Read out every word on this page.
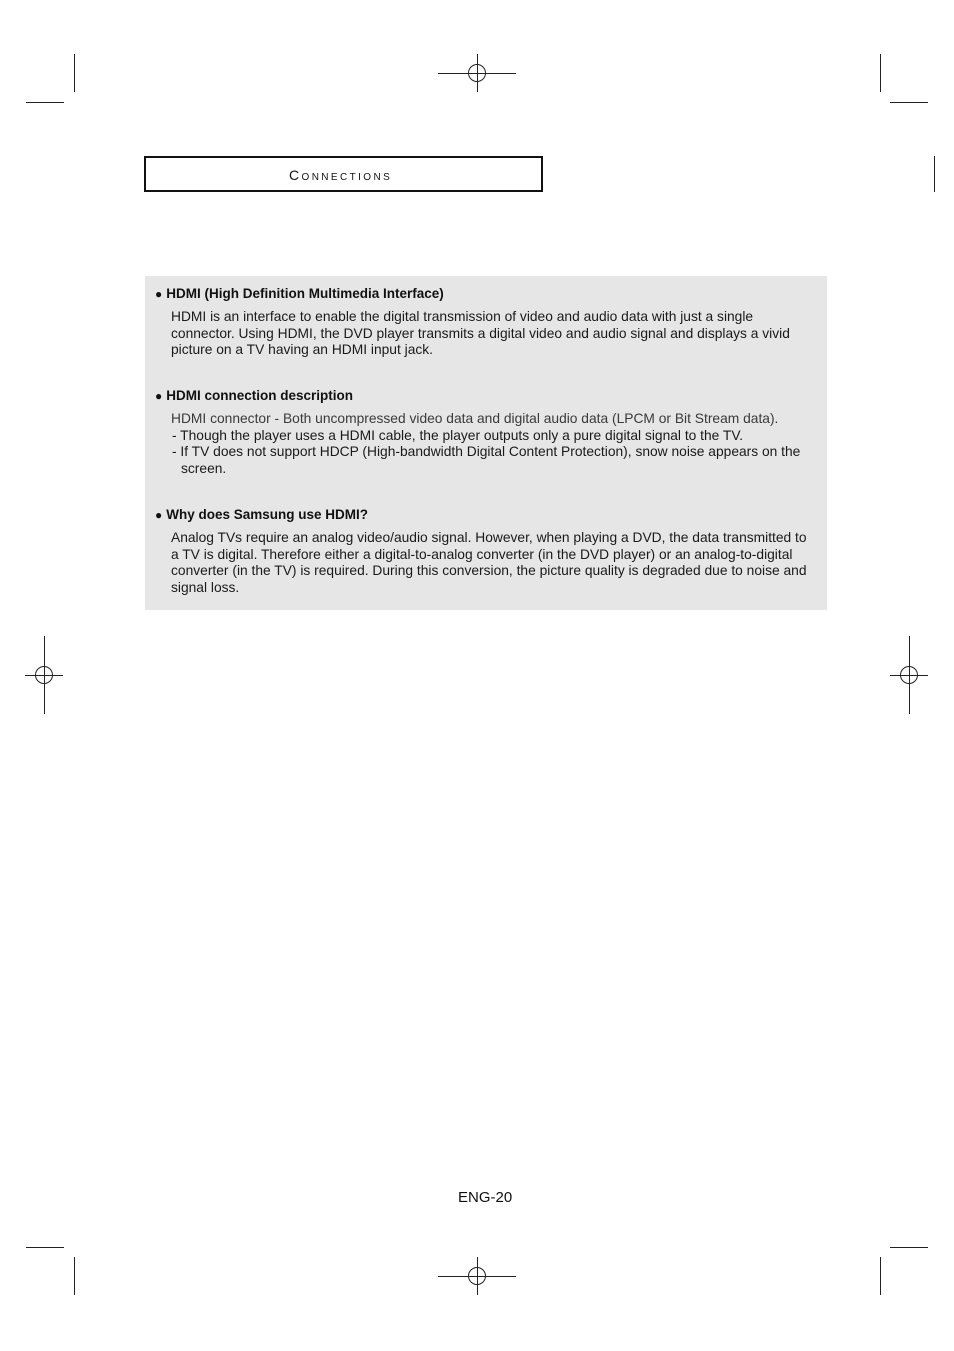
Connections
● HDMI (High Definition Multimedia Interface)
HDMI is an interface to enable the digital transmission of video and audio data with just a single connector. Using HDMI, the DVD player transmits a digital video and audio signal and displays a vivid picture on a TV having an HDMI input jack.
● HDMI connection description
HDMI connector - Both uncompressed video data and digital audio data (LPCM or Bit Stream data).
- Though the player uses a HDMI cable, the player outputs only a pure digital signal to the TV.
- If TV does not support HDCP (High-bandwidth Digital Content Protection), snow noise appears on the screen.
● Why does Samsung use HDMI?
Analog TVs require an analog video/audio signal. However, when playing a DVD, the data transmitted to a TV is digital. Therefore either a digital-to-analog converter (in the DVD player) or an analog-to-digital converter (in the TV) is required. During this conversion, the picture quality is degraded due to noise and signal loss.
ENG-20
